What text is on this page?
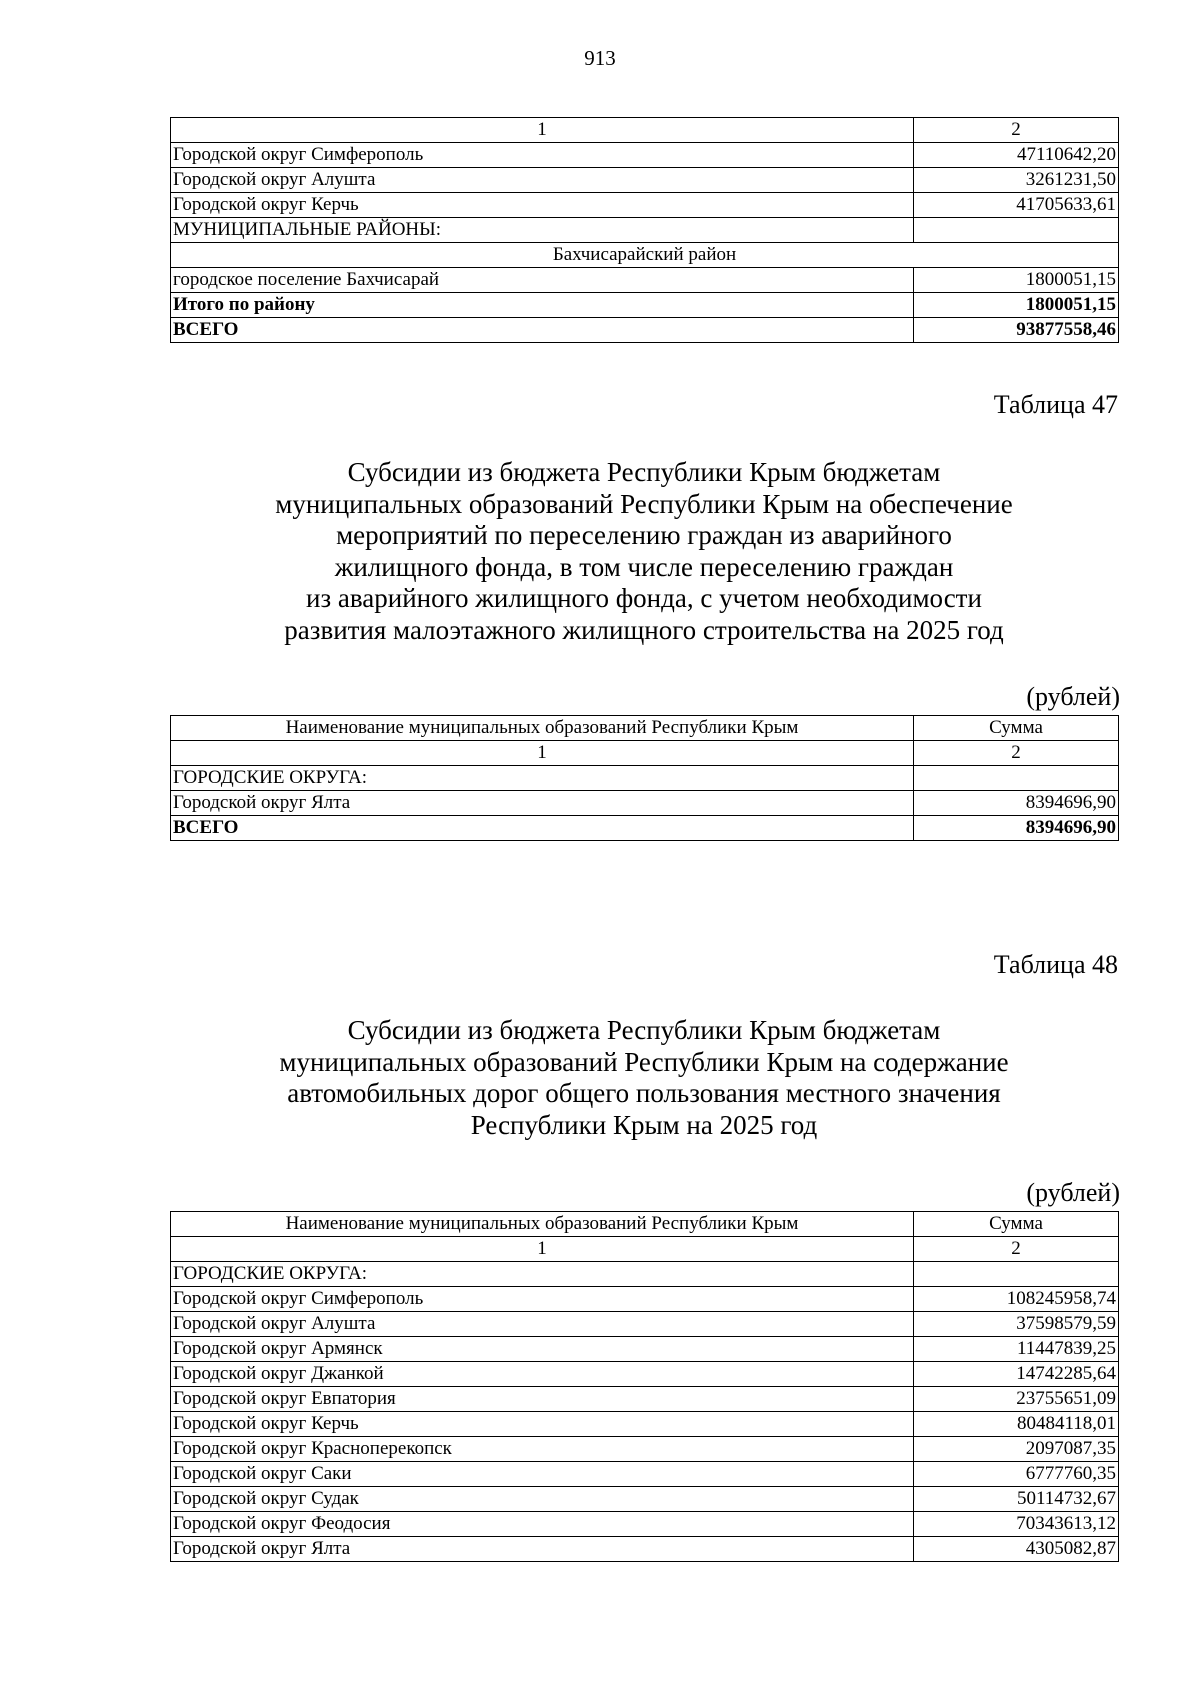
913
1	2
Городской округ Симферополь	47110642,20
Городской округ Алушта	3261231,50
Городской округ Керчь	41705633,61
МУНИЦИПАЛЬНЫЕ РАЙОНЫ:	
Бахчисарайский район	
городское поселение Бахчисарай	1800051,15
Итого по району	1800051,15
ВСЕГО	93877558,46
Таблица 47
Субсидии из бюджета Республики Крым бюджетам
муниципальных образований Республики Крым на обеспечение
мероприятий по переселению граждан из аварийного
жилищного фонда, в том числе переселению граждан
из аварийного жилищного фонда, с учетом необходимости
развития малоэтажного жилищного строительства на 2025 год
(рублей)
Наименование муниципальных образований Республики Крым	Сумма
1	2
ГОРОДСКИЕ ОКРУГА:	
Городской округ Ялта	8394696,90
ВСЕГО	8394696,90
Таблица 48
Субсидии из бюджета Республики Крым бюджетам
муниципальных образований Республики Крым на содержание
автомобильных дорог общего пользования местного значения
Республики Крым на 2025 год
(рублей)
Наименование муниципальных образований Республики Крым	Сумма
1	2
ГОРОДСКИЕ ОКРУГА:	
Городской округ Симферополь	108245958,74
Городской округ Алушта	37598579,59
Городской округ Армянск	11447839,25
Городской округ Джанкой	14742285,64
Городской округ Евпатория	23755651,09
Городской округ Керчь	80484118,01
Городской округ Красноперекопск	2097087,35
Городской округ Саки	6777760,35
Городской округ Судак	50114732,67
Городской округ Феодосия	70343613,12
Городской округ Ялта	4305082,87
